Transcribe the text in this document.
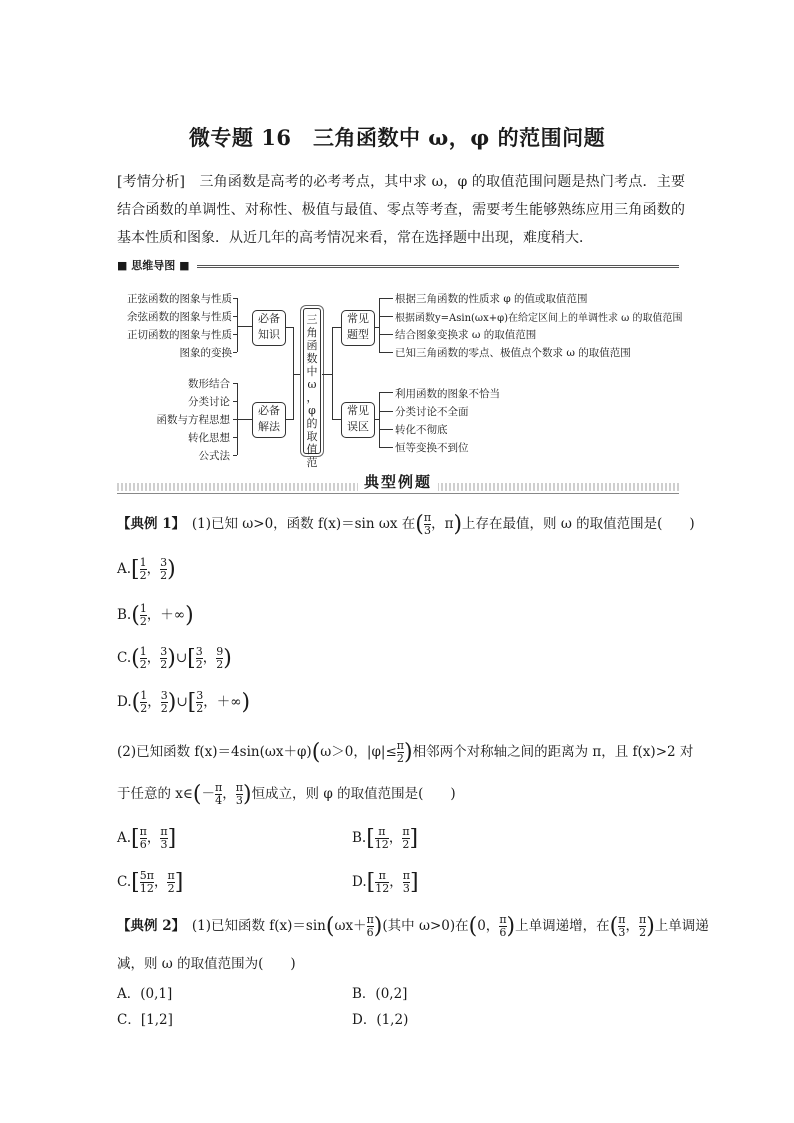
微专题 16　三角函数中 ω，φ 的范围问题
[考情分析]　三角函数是高考的必考考点，其中求 ω，φ 的取值范围问题是热门考点．主要结合函数的单调性、对称性、极值与最值、零点等考查，需要考生能够熟练应用三角函数的基本性质和图象．从近几年的高考情况来看，常在选择题中出现，难度稍大．
■ 思维导图 ■
正弦函数的图象与性质
余弦函数的图象与性质
正切函数的图象与性质
图象的变换
必备
知识
数形结合
分类讨论
函数与方程思想
转化思想
公式法
必备
解法
三
角
函
数
中
ω
，
φ
的
取
值
范
常见
题型
常见
误区
根据三角函数的性质求 φ 的值或取值范围
根据函数y=Asin(ωx+φ)在给定区间上的单调性求 ω 的取值范围
结合图象变换求 ω 的取值范围
已知三角函数的零点、极值点个数求 ω 的取值范围
利用函数的图象不恰当
分类讨论不全面
转化不彻底
恒等变换不到位
典型例题
【典例 1】　 (1)已知 ω>0，函数 f(x)＝sin ωx 在( $\frac{\pi}{3}$ ，π)上存在最值，则 ω 的取值范围是(　　)
$A.[ \frac{1}{2}$ ， $\frac{3}{2}$ )
$B.( \frac{1}{2}$ ，＋∞)
$C.( \frac{1}{2}$ ， $\frac{3}{2}$ )∪[ $\frac{3}{2}$ ， $\frac{9}{2}$ )
$D.( \frac{1}{2}$ ， $\frac{3}{2}$ )∪[ $\frac{3}{2}$ ，＋∞)
(2)已知函数 f(x)＝4sin(ωx＋φ)(ω＞0，$|\varphi|\le \frac{\pi}{2}$ )相邻两个对称轴之间的距离为 π，且 f(x)>2 对
于任意的 x∈(－ $\frac{\pi}{4}$ ， $\frac{\pi}{3}$ )恒成立，则 φ 的取值范围是(　　)
$A.[ \frac{\pi}{6}$ ， $\frac{\pi}{3}$ ]	$B.[ \frac{\pi}{12}$ ， $\frac{\pi}{2}$ ]
$C.[ \frac{5\pi}{12}$ ， $\frac{\pi}{2}$ ]	$D.[ \frac{\pi}{12}$ ， $\frac{\pi}{3}$ ]
【典例 2】　 (1)已知函数 $f(x)=\sin(\omega x+ \frac{\pi}{6}$ )(其中 ω>0)在(0， $\frac{\pi}{6}$ )上单调递增，在( $\frac{\pi}{3}$ ， $\frac{\pi}{2}$ )上单调递
减，则 ω 的取值范围为(　　)
A．(0,1]	B．(0,2]
C．[1,2]	D．(1,2)
